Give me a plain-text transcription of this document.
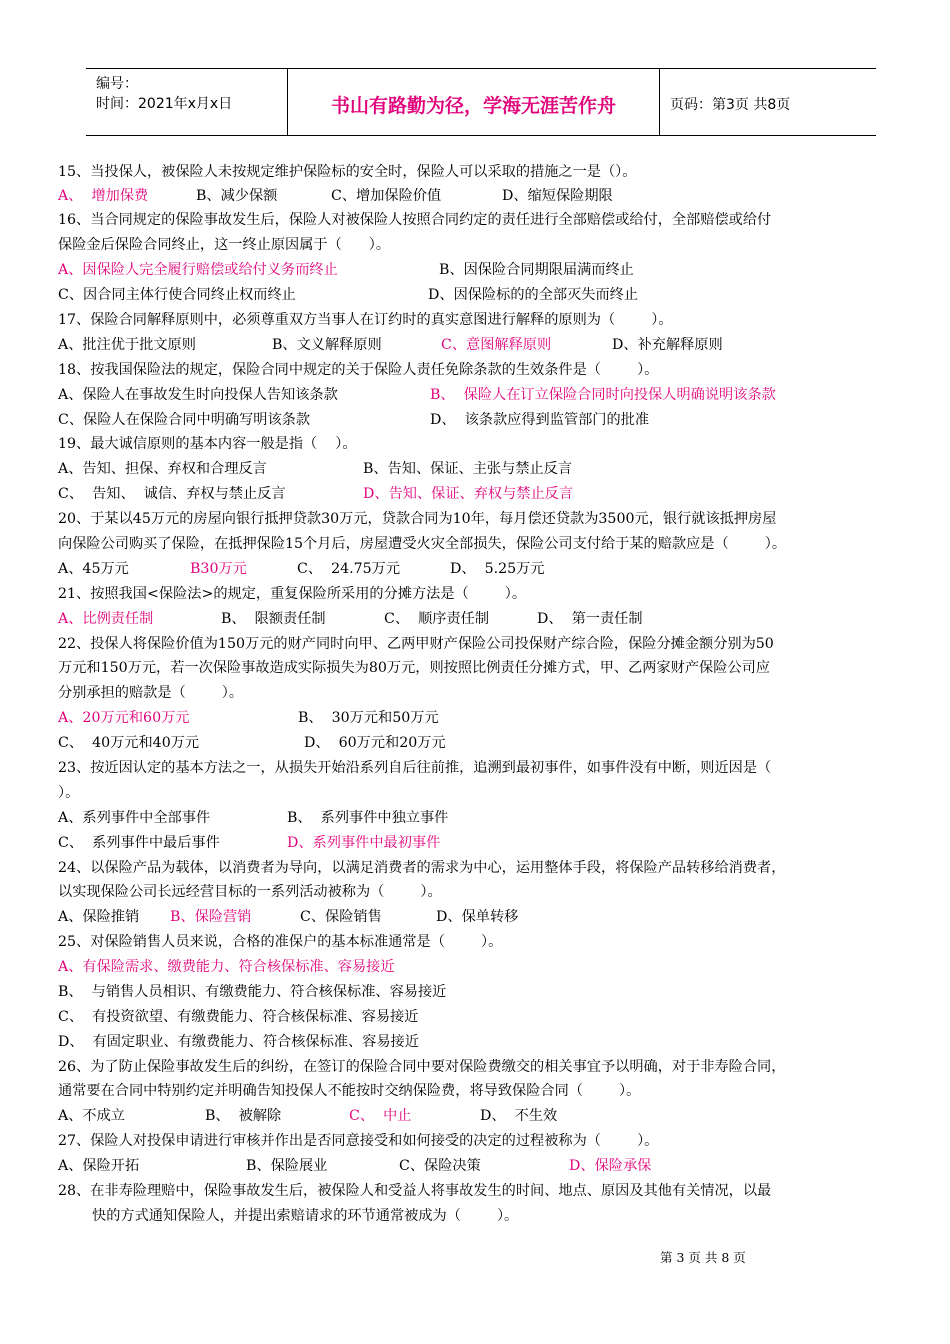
编号：
时间：2021年x月x日	书山有路勤为径，学海无涯苦作舟	页码：第3页 共8页
15、当投保人，被保险人未按规定维护保险标的安全时，保险人可以采取的措施之一是（）。
A、  增加保费	B、减少保额	C、增加保险价值	D、缩短保险期限
16、当合同规定的保险事故发生后，保险人对被保险人按照合同约定的责任进行全部赔偿或给付，全部赔偿或给付
保险金后保险合同终止，这一终止原因属于（      ）。
A、因保险人完全履行赔偿或给付义务而终止	B、因保险合同期限届满而终止
C、因合同主体行使合同终止权而终止	D、因保险标的的全部灭失而终止
17、保险合同解释原则中，必须尊重双方当事人在订约时的真实意图进行解释的原则为（        ）。
A、批注优于批文原则	B、文义解释原则	C、意图解释原则	D、补充解释原则
18、按我国保险法的规定，保险合同中规定的关于保险人责任免除条款的生效条件是（        ）。
A、保险人在事故发生时向投保人告知该条款	B、  保险人在订立保险合同时向投保人明确说明该条款
C、保险人在保险合同中明确写明该条款	D、  该条款应得到监管部门的批准
19、最大诚信原则的基本内容一般是指（    ）。
A、告知、担保、弃权和合理反言	B、告知、保证、主张与禁止反言
C、  告知、  诚信、弃权与禁止反言	D、告知、保证、弃权与禁止反言
20、于某以45万元的房屋向银行抵押贷款30万元，贷款合同为10年，每月偿还贷款为3500元，银行就该抵押房屋
向保险公司购买了保险，在抵押保险15个月后，房屋遭受火灾全部损失，保险公司支付给于某的赔款应是（        ）。
A、45万元	B30万元	C、  24.75万元	D、  5.25万元
21、按照我国<保险法>的规定，重复保险所采用的分摊方法是（        ）。
A、比例责任制	B、  限额责任制	C、  顺序责任制	D、  第一责任制
22、投保人将保险价值为150万元的财产同时向甲、乙两甲财产保险公司投保财产综合险，保险分摊金额分别为50
万元和150万元，若一次保险事故造成实际损失为80万元，则按照比例责任分摊方式，甲、乙两家财产保险公司应
分别承担的赔款是（        ）。
A、20万元和60万元	B、  30万元和50万元
C、  40万元和40万元	D、  60万元和20万元
23、按近因认定的基本方法之一，从损失开始沿系列自后往前推，追溯到最初事件，如事件没有中断，则近因是（
）。
A、系列事件中全部事件	B、  系列事件中独立事件
C、  系列事件中最后事件	D、系列事件中最初事件
24、以保险产品为载体，以消费者为导向，以满足消费者的需求为中心，运用整体手段，将保险产品转移给消费者，
以实现保险公司长远经营目标的一系列活动被称为（        ）。
A、保险推销 B、保险营销	C、保险销售	D、保单转移
25、对保险销售人员来说，合格的准保户的基本标准通常是（        ）。
A、有保险需求、缴费能力、符合核保标准、容易接近
B、  与销售人员相识、有缴费能力、符合核保标准、容易接近
C、  有投资欲望、有缴费能力、符合核保标准、容易接近
D、  有固定职业、有缴费能力、符合核保标准、容易接近
26、为了防止保险事故发生后的纠纷，在签订的保险合同中要对保险费缴交的相关事宜予以明确，对于非寿险合同，
通常要在合同中特别约定并明确告知投保人不能按时交纳保险费，将导致保险合同（        ）。
A、不成立	B、  被解除	C、  中止	D、  不生效
27、保险人对投保申请进行审核并作出是否同意接受和如何接受的决定的过程被称为（        ）。
A、保险开拓	B、保险展业	C、保险决策	D、保险承保
28、在非寿险理赔中，保险事故发生后，被保险人和受益人将事故发生的时间、地点、原因及其他有关情况，以最
快的方式通知保险人，并提出索赔请求的环节通常被成为（        ）。
第 3 页 共 8 页
